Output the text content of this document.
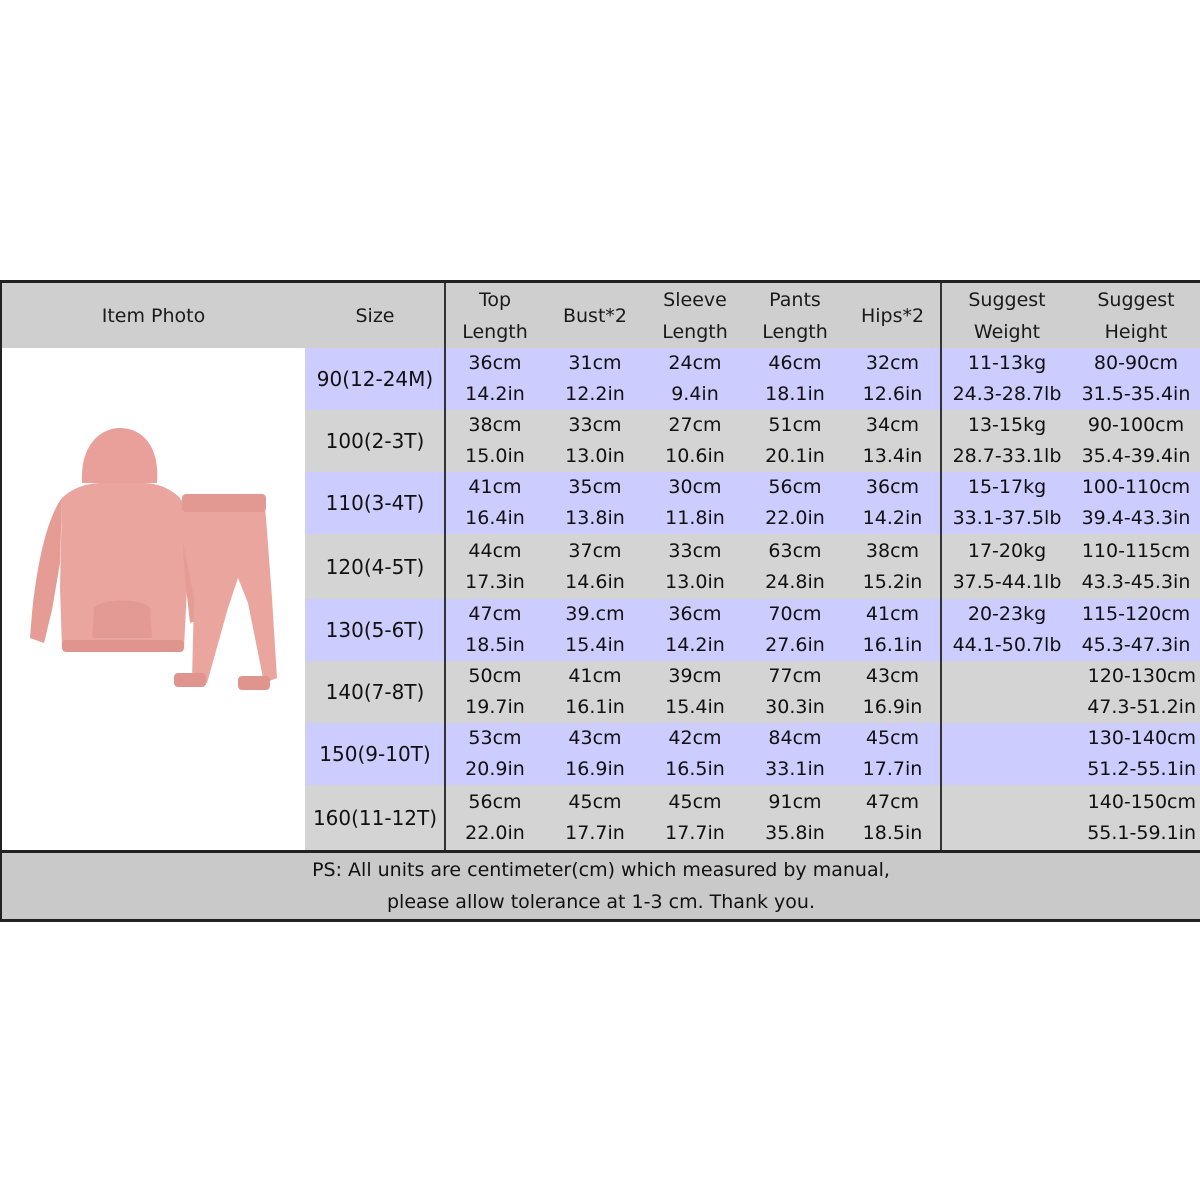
Item Photo	Size
Top
Length
Bust*2
Sleeve
Length
Pants
Length
Hips*2
Suggest
Weight
Suggest
Height
90(12-24M)
36cm
14.2in
31cm
12.2in
24cm
9.4in
46cm
18.1in
32cm
12.6in
11-13kg
24.3-28.7lb
80-90cm
31.5-35.4in
100(2-3T)
38cm
15.0in
33cm
13.0in
27cm
10.6in
51cm
20.1in
34cm
13.4in
13-15kg
28.7-33.1lb
90-100cm
35.4-39.4in
110(3-4T)
41cm
16.4in
35cm
13.8in
30cm
11.8in
56cm
22.0in
36cm
14.2in
15-17kg
33.1-37.5lb
100-110cm
39.4-43.3in
120(4-5T)
44cm
17.3in
37cm
14.6in
33cm
13.0in
63cm
24.8in
38cm
15.2in
17-20kg
37.5-44.1lb
110-115cm
43.3-45.3in
130(5-6T)
47cm
18.5in
39.cm
15.4in
36cm
14.2in
70cm
27.6in
41cm
16.1in
20-23kg
44.1-50.7lb
115-120cm
45.3-47.3in
140(7-8T)
50cm
19.7in
41cm
16.1in
39cm
15.4in
77cm
30.3in
43cm
16.9in
120-130cm
47.3-51.2in
150(9-10T)
53cm
20.9in
43cm
16.9in
42cm
16.5in
84cm
33.1in
45cm
17.7in
130-140cm
51.2-55.1in
160(11-12T)
56cm
22.0in
45cm
17.7in
45cm
17.7in
91cm
35.8in
47cm
18.5in
140-150cm
55.1-59.1in
PS: All units are centimeter(cm) which measured by manual,
please allow tolerance at 1-3 cm. Thank you.
